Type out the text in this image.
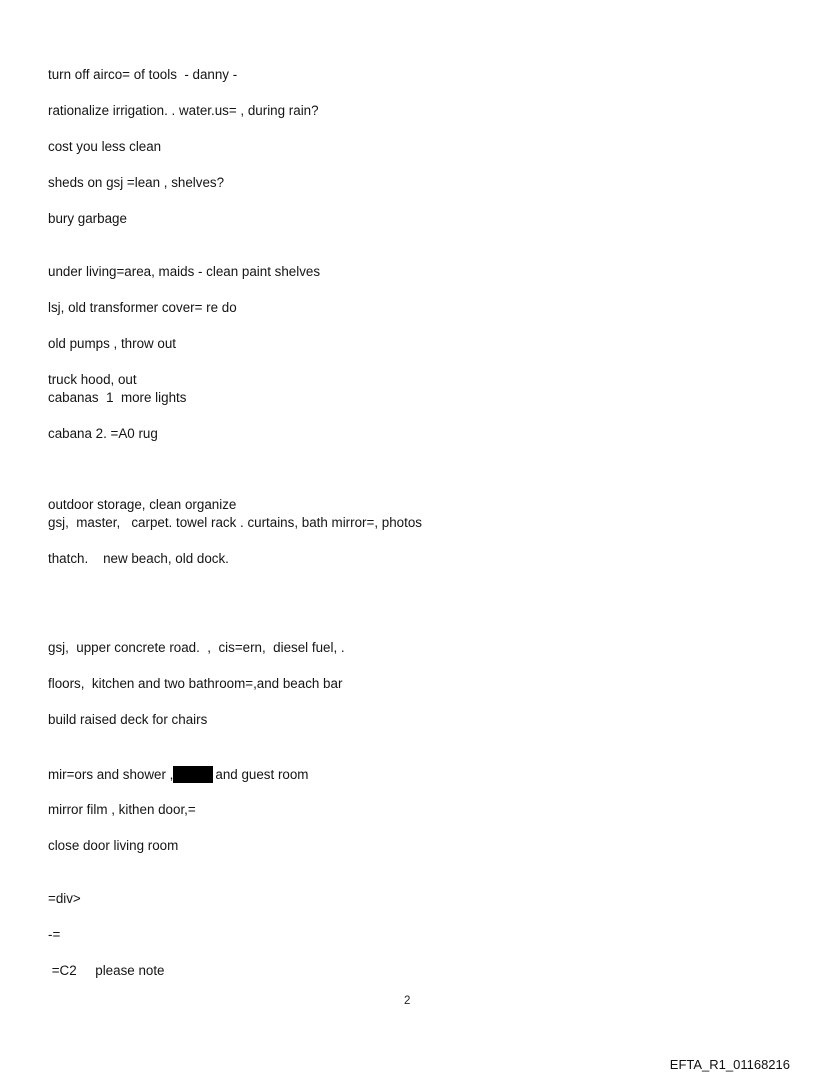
turn off airco= of tools  - danny -
rationalize irrigation. . water.us= , during rain?
cost you less clean
sheds on gsj =lean , shelves?
bury garbage
under living=area, maids - clean paint shelves
lsj, old transformer cover= re do
old pumps , throw out
truck hood, out
cabanas  1  more lights
cabana 2. =A0 rug
outdoor storage, clean organize
gsj,  master,   carpet. towel rack . curtains, bath mirror=, photos
thatch.    new beach, old dock.
gsj,  upper concrete road.  ,  cis=ern,  diesel fuel, .
floors,  kitchen and two bathroom=,and beach bar
build raised deck for chairs
mir=ors and shower ,	and guest room
mirror film , kithen door,=
close door living room
=div>
-=
=C2     please note
2
EFTA_R1_01168216
